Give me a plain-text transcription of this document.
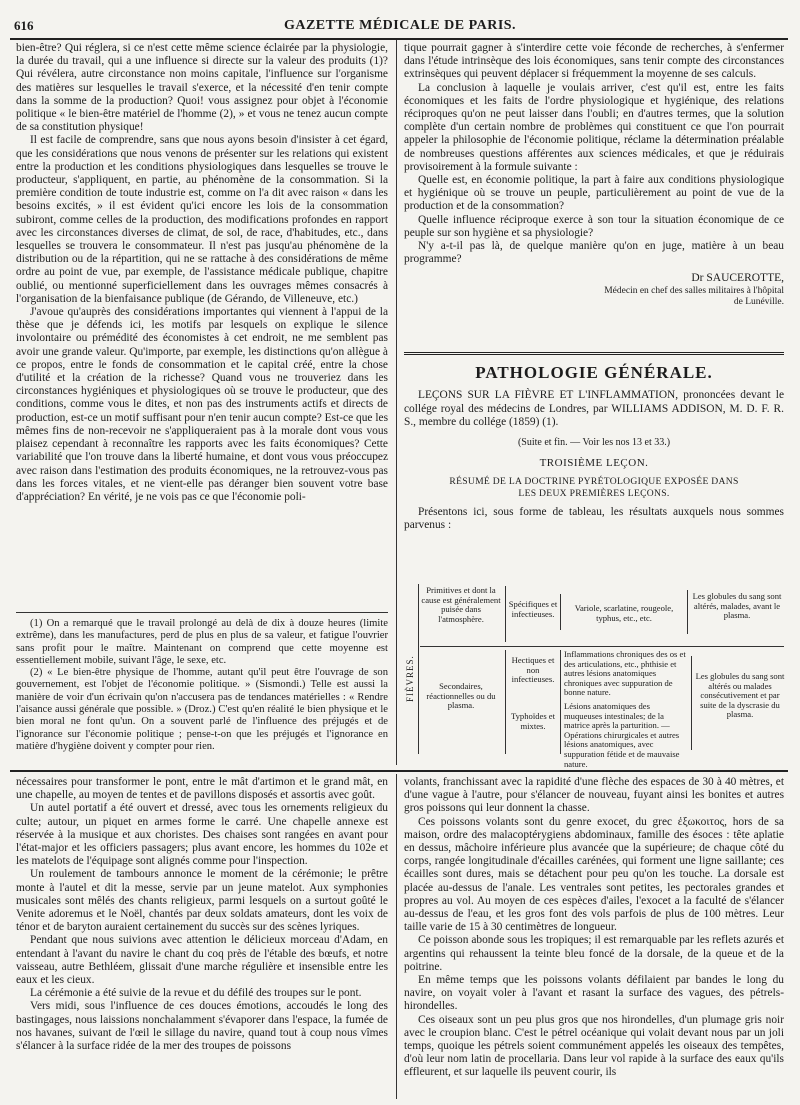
616	GAZETTE MÉDICALE DE PARIS.

bien-être? Qui réglera, si ce n'est cette même science éclairée par la physiologie, la durée du travail, qui a une influence si directe sur la valeur des produits (1)? Qui révélera, autre circonstance non moins capitale, l'influence sur l'organisme des matières sur lesquelles le travail s'exerce, et la nécessité d'en tenir compte dans la somme de la production? Quoi! vous assignez pour objet à l'économie politique « le bien-être matériel de l'homme (2), » et vous ne tenez aucun compte de sa constitution physique!

Il est facile de comprendre, sans que nous ayons besoin d'insister à cet égard, que les considérations que nous venons de présenter sur les relations qui existent entre la production et les conditions physiologiques dans lesquelles se trouve le producteur, s'appliquent, en partie, au phénomène de la consommation. Si la première condition de toute industrie est, comme on l'a dit avec raison « dans les besoins excités, » il est évident qu'ici encore les lois de la consommation subiront, comme celles de la production, des modifications profondes en rapport avec les circonstances diverses de climat, de sol, de race, d'habitudes, etc., dans lesquelles se trouvera le consommateur. Il n'est pas jusqu'au phénomène de la distribution ou de la répartition, qui ne se rattache à des considérations de même ordre au point de vue, par exemple, de l'assistance médicale publique, chapitre oublié, ou mentionné superficiellement dans les ouvrages mêmes consacrés à l'organisation de la bienfaisance publique (de Gérando, de Villeneuve, etc.)

J'avoue qu'auprès des considérations importantes qui viennent à l'appui de la thèse que je défends ici, les motifs par lesquels on explique le silence involontaire ou prémédité des économistes à cet endroit, ne me semblent pas avoir une grande valeur. Qu'importe, par exemple, les distinctions qu'on allègue à ce propos, entre le fonds de consommation et le capital créé, entre la chose d'utilité et la création de la richesse? Quand vous ne trouveriez dans les circonstances hygiéniques et physiologiques où se trouve le producteur, que des conditions, comme vous le dites, et non pas des instruments actifs et directs de production, est-ce un motif suffisant pour n'en tenir aucun compte? Est-ce que les mêmes fins de non-recevoir ne s'appliqueraient pas à la morale dont vous vous plaisez cependant à reconnaître les rapports avec les faits économiques? Cette variabilité que l'on trouve dans la liberté humaine, et dont vous vous préoccupez avec raison dans l'estimation des produits économiques, ne la retrouvez-vous pas dans les forces vitales, et ne vient-elle pas déranger bien souvent votre base d'appréciation? En vérité, je ne vois pas ce que l'économie poli-

(1) On a remarqué que le travail prolongé au delà de dix à douze heures (limite extrême), dans les manufactures, perd de plus en plus de sa valeur, et fatigue l'ouvrier sans profit pour le maître. Maintenant on comprend que cette moyenne est essentiellement mobile, suivant l'âge, le sexe, etc.

(2) « Le bien-être physique de l'homme, autant qu'il peut être l'ouvrage de son gouvernement, est l'objet de l'économie politique. » (Sismondi.) Telle est aussi la manière de voir d'un écrivain qu'on n'accusera pas de tendances matérielles : « Rendre l'aisance aussi générale que possible. » (Droz.) C'est qu'en réalité le bien physique et le bien moral ne font qu'un. On a souvent parlé de l'influence des préjugés et de l'ignorance sur l'économie politique ; pense-t-on que les préjugés et l'ignorance en matière d'hygiène doivent y compter pour rien.

tique pourrait gagner à s'interdire cette voie féconde de recherches, à s'enfermer dans l'étude intrinsèque des lois économiques, sans tenir compte des circonstances extrinsèques qui peuvent déplacer si fréquemment la moyenne de ses calculs.

La conclusion à laquelle je voulais arriver, c'est qu'il est, entre les faits économiques et les faits de l'ordre physiologique et hygiénique, des relations réciproques qu'on ne peut laisser dans l'oubli; en d'autres termes, que la solution complète d'un certain nombre de problèmes qui constituent ce que l'on pourrait appeler la philosophie de l'économie politique, réclame la détermination préalable de nombreuses questions afférentes aux sciences médicales, et que je réduirais provisoirement à la formule suivante :

Quelle est, en économie politique, la part à faire aux conditions physiologique et hygiénique où se trouve un peuple, particulièrement au point de vue de la production et de la consommation?

Quelle influence réciproque exerce à son tour la situation économique de ce peuple sur son hygiène et sa physiologie?

N'y a-t-il pas là, de quelque manière qu'on en juge, matière à un beau programme?

Dr SAUCEROTTE,
Médecin en chef des salles militaires à l'hôpital
de Lunéville.
PATHOLOGIE GÉNÉRALE.
LEÇONS SUR LA FIÈVRE ET L'INFLAMMATION, prononcées devant le collége royal des médecins de Londres, par WILLIAMS ADDISON, M. D. F. R. S., membre du collége (1859) (1).
(Suite et fin. — Voir les nos 13 et 33.)
TROISIÈME LEÇON.
RÉSUMÉ DE LA DOCTRINE PYRÉTOLOGIQUE EXPOSÉE DANS
LES DEUX PREMIÈRES LEÇONS.

Présentons ici, sous forme de tableau, les résultats auxquels nous sommes parvenus :

FIÈVRES.
Primitives et dont la cause est généralement puisée dans l'atmosphère.
Spécifiques et infectieuses.
Variole, scarlatine, rougeole, typhus, etc., etc.
Les globules du sang sont altérés, malades, avant le plasma.
Secondaires, réactionnelles ou du plasma.
Hectiques et non infectieuses.
Typhoïdes et mixtes.
Inflammations chroniques des os et des articulations, etc., phthisie et autres lésions anatomiques chroniques avec suppuration de bonne nature.
Lésions anatomiques des muqueuses intestinales; de la matrice après la parturition. — Opérations chirurgicales et autres lésions anatomiques, avec suppuration fétide et de mauvaise nature.
Les globules du sang sont altérés ou malades consécutivement et par suite de la dyscrasie du plasma.

nécessaires pour transformer le pont, entre le mât d'artimon et le grand mât, en une chapelle, au moyen de tentes et de pavillons disposés et assortis avec goût.

Un autel portatif a été ouvert et dressé, avec tous les ornements religieux du culte; autour, un piquet en armes forme le carré. Une chapelle annexe est réservée à la musique et aux choristes. Des chaises sont rangées en avant pour l'état-major et les officiers passagers; plus avant encore, les hommes du 102e et les matelots de l'équipage sont alignés comme pour l'inspection.

Un roulement de tambours annonce le moment de la cérémonie; le prêtre monte à l'autel et dit la messe, servie par un jeune matelot. Aux symphonies musicales sont mêlés des chants religieux, parmi lesquels on a surtout goûté le Venite adoremus et le Noël, chantés par deux soldats amateurs, dont les voix de ténor et de baryton auraient certainement du succès sur des scènes lyriques.

Pendant que nous suivions avec attention le délicieux morceau d'Adam, en entendant à l'avant du navire le chant du coq près de l'étable des bœufs, et notre vaisseau, autre Bethléem, glissait d'une marche régulière et insensible entre les eaux et les cieux.

La cérémonie a été suivie de la revue et du défilé des troupes sur le pont.

Vers midi, sous l'influence de ces douces émotions, accoudés le long des bastingages, nous laissions nonchalamment s'évaporer dans l'espace, la fumée de nos havanes, suivant de l'œil le sillage du navire, quand tout à coup nous vîmes s'élancer à la surface ridée de la mer des troupes de poissons

volants, franchissant avec la rapidité d'une flèche des espaces de 30 à 40 mètres, et d'une vague à l'autre, pour s'élancer de nouveau, fuyant ainsi les bonites et autres gros poissons qui leur donnent la chasse.

Ces poissons volants sont du genre exocet, du grec ἐξωκοιτος, hors de sa maison, ordre des malacoptérygiens abdominaux, famille des ésoces : tête aplatie en dessus, mâchoire inférieure plus avancée que la supérieure; de chaque côté du corps, rangée longitudinale d'écailles carénées, qui forment une ligne saillante; ces écailles sont dures, mais se détachent pour peu qu'on les touche. La dorsale est placée au-dessus de l'anale. Les ventrales sont petites, les pectorales grandes et propres au vol. Au moyen de ces espèces d'ailes, l'exocet a la faculté de s'élancer au-dessus de l'eau, et les gros font des vols parfois de plus de 100 mètres. Leur taille varie de 15 à 30 centimètres de longueur.

Ce poisson abonde sous les tropiques; il est remarquable par les reflets azurés et argentins qui rehaussent la teinte bleu foncé de la dorsale, de la queue et de la poitrine.

En même temps que les poissons volants défilaient par bandes le long du navire, on voyait voler à l'avant et rasant la surface des vagues, des pétrels-hirondelles.

Ces oiseaux sont un peu plus gros que nos hirondelles, d'un plumage gris noir avec le croupion blanc. C'est le pétrel océanique qui volait devant nous par un joli temps, quoique les pétrels soient communément appelés les oiseaux des tempêtes, d'où leur nom latin de procellaria. Dans leur vol rapide à la surface des eaux qu'ils effleurent, et sur laquelle ils peuvent courir, ils
